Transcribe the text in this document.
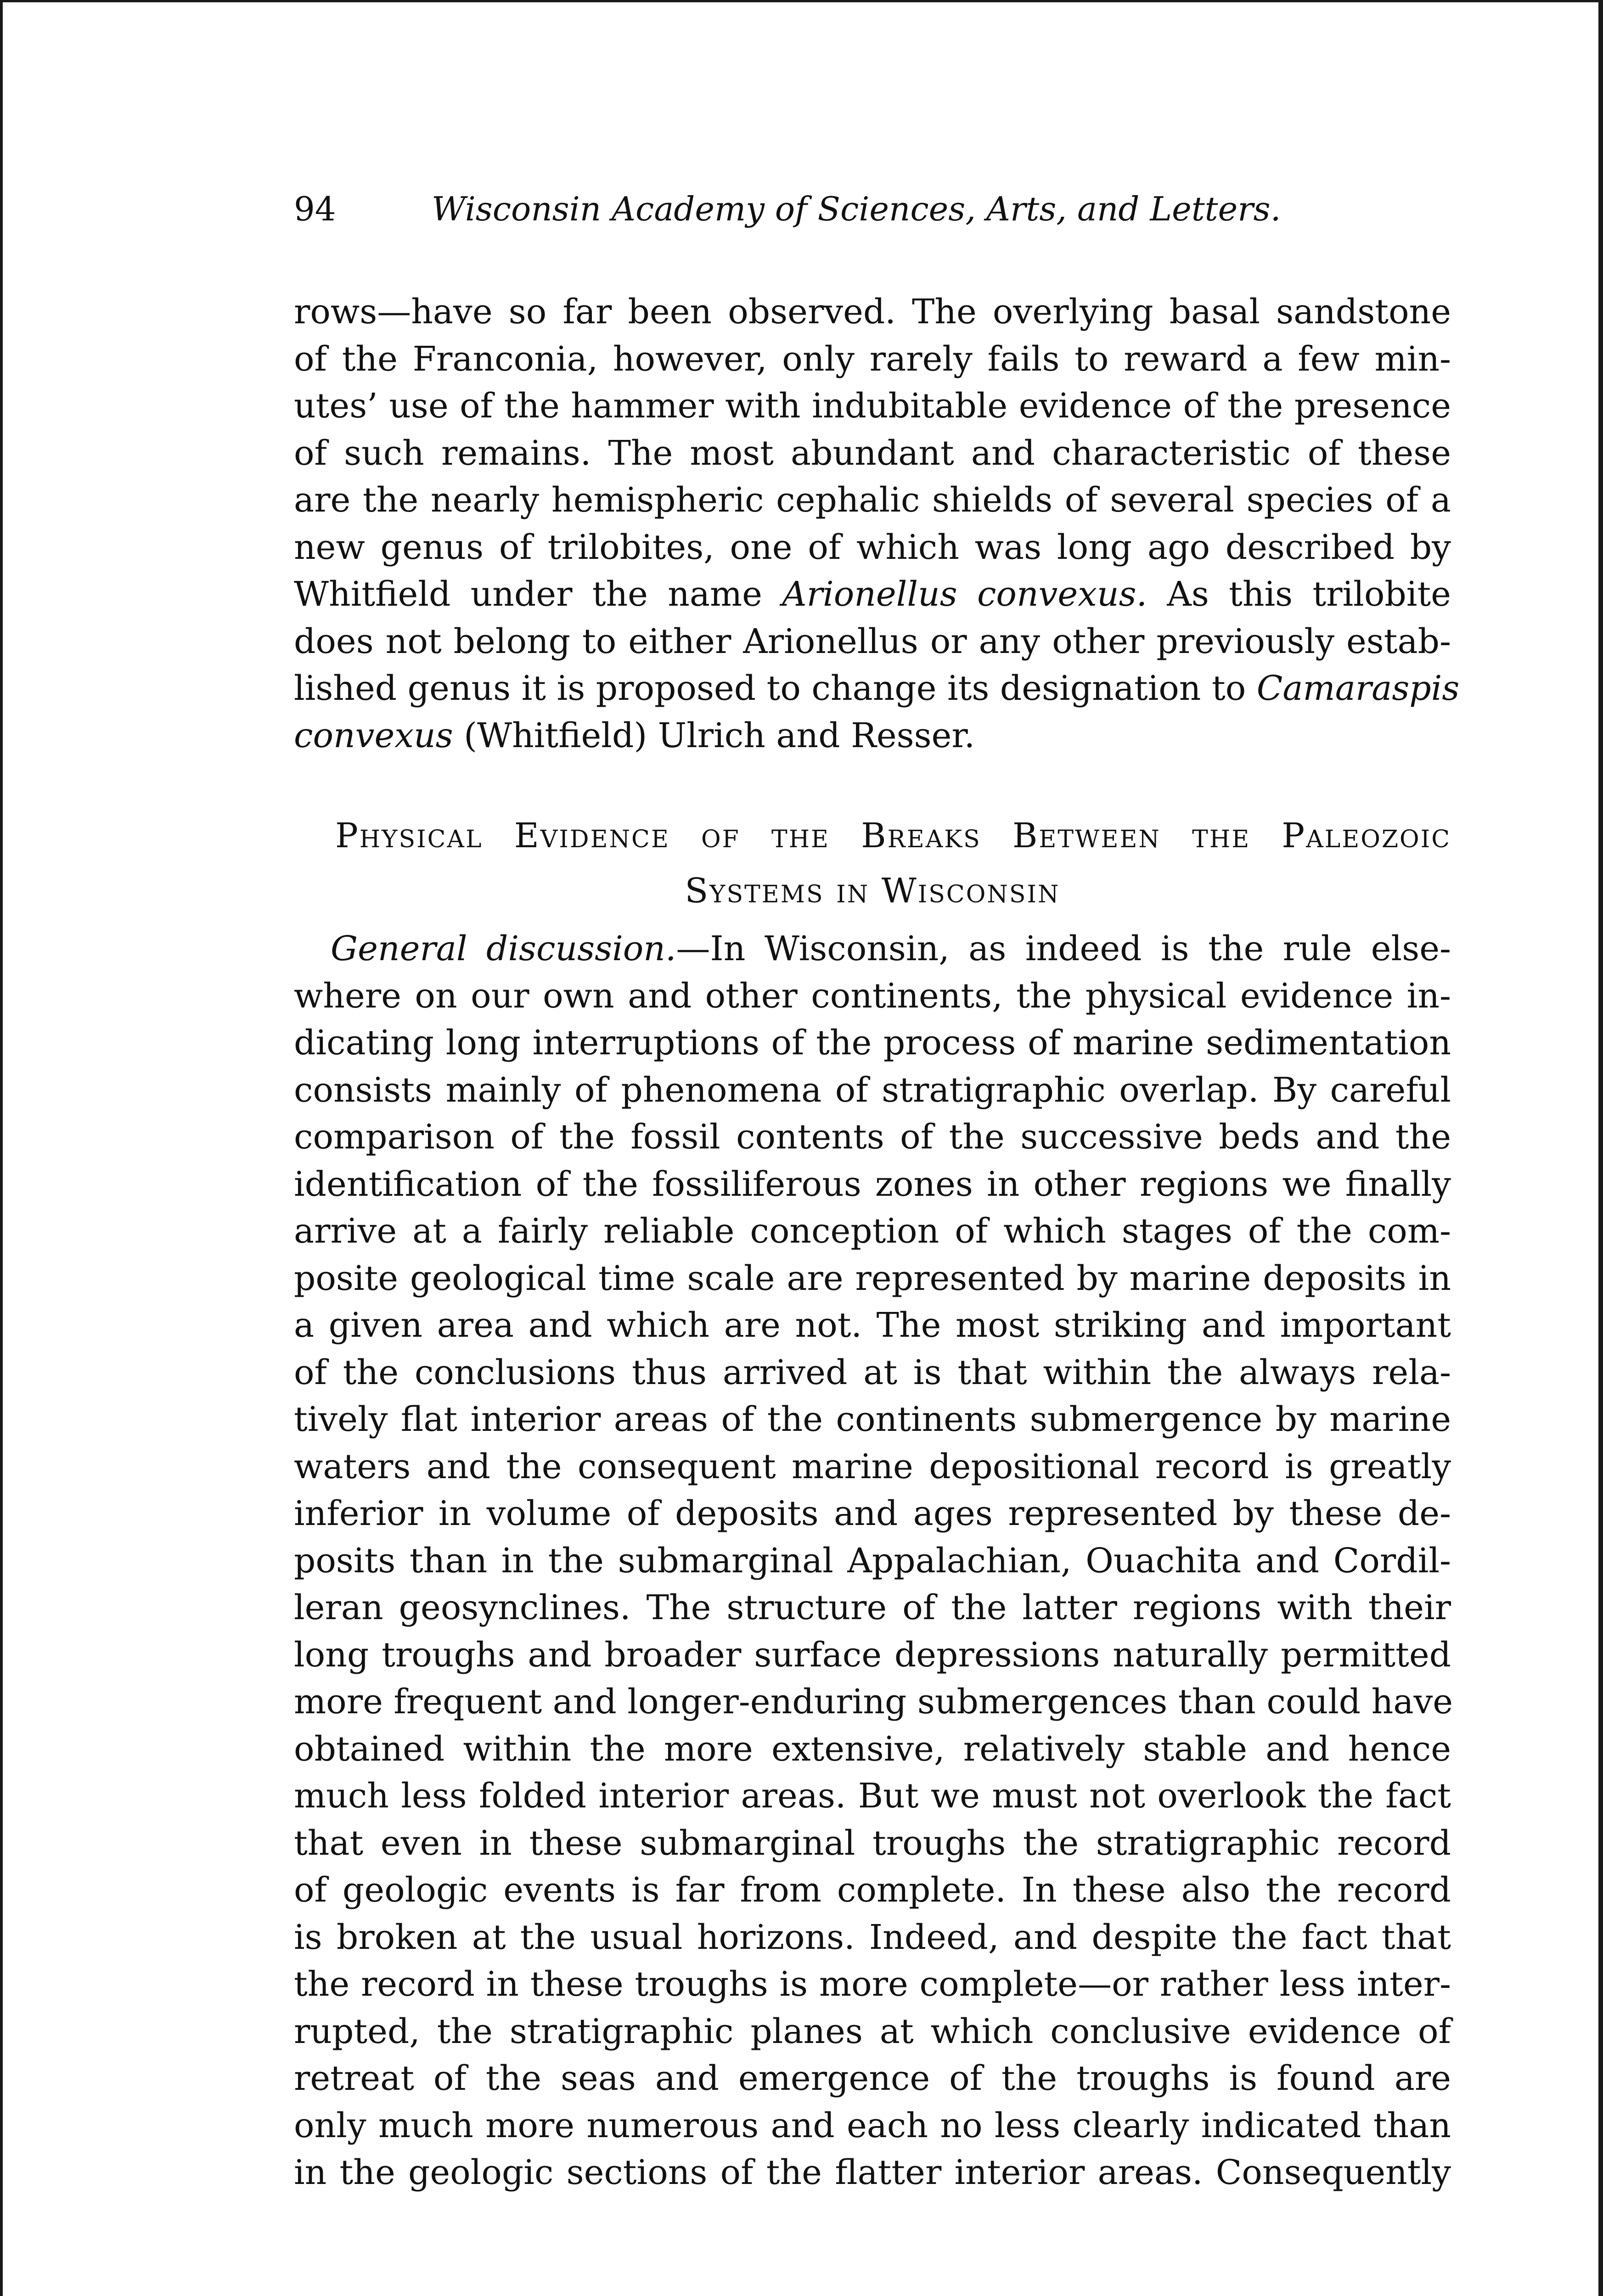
94	Wisconsin Academy of Sciences, Arts, and Letters.
rows—have so far been observed. The overlying basal sandstone
of the Franconia, however, only rarely fails to reward a few min-
utes’ use of the hammer with indubitable evidence of the presence
of such remains. The most abundant and characteristic of these
are the nearly hemispheric cephalic shields of several species of a
new genus of trilobites, one of which was long ago described by
Whitfield under the name Arionellus convexus. As this trilobite
does not belong to either Arionellus or any other previously estab-
lished genus it is proposed to change its designation to Camaraspis
convexus (Whitfield) Ulrich and Resser.
Physical Evidence of the Breaks Between the Paleozoic
Systems in Wisconsin
General discussion.—In Wisconsin, as indeed is the rule else-
where on our own and other continents, the physical evidence in-
dicating long interruptions of the process of marine sedimentation
consists mainly of phenomena of stratigraphic overlap. By careful
comparison of the fossil contents of the successive beds and the
identification of the fossiliferous zones in other regions we finally
arrive at a fairly reliable conception of which stages of the com-
posite geological time scale are represented by marine deposits in
a given area and which are not. The most striking and important
of the conclusions thus arrived at is that within the always rela-
tively flat interior areas of the continents submergence by marine
waters and the consequent marine depositional record is greatly
inferior in volume of deposits and ages represented by these de-
posits than in the submarginal Appalachian, Ouachita and Cordil-
leran geosynclines. The structure of the latter regions with their
long troughs and broader surface depressions naturally permitted
more frequent and longer-enduring submergences than could have
obtained within the more extensive, relatively stable and hence
much less folded interior areas. But we must not overlook the fact
that even in these submarginal troughs the stratigraphic record
of geologic events is far from complete. In these also the record
is broken at the usual horizons. Indeed, and despite the fact that
the record in these troughs is more complete—or rather less inter-
rupted, the stratigraphic planes at which conclusive evidence of
retreat of the seas and emergence of the troughs is found are
only much more numerous and each no less clearly indicated than
in the geologic sections of the flatter interior areas. Consequently
